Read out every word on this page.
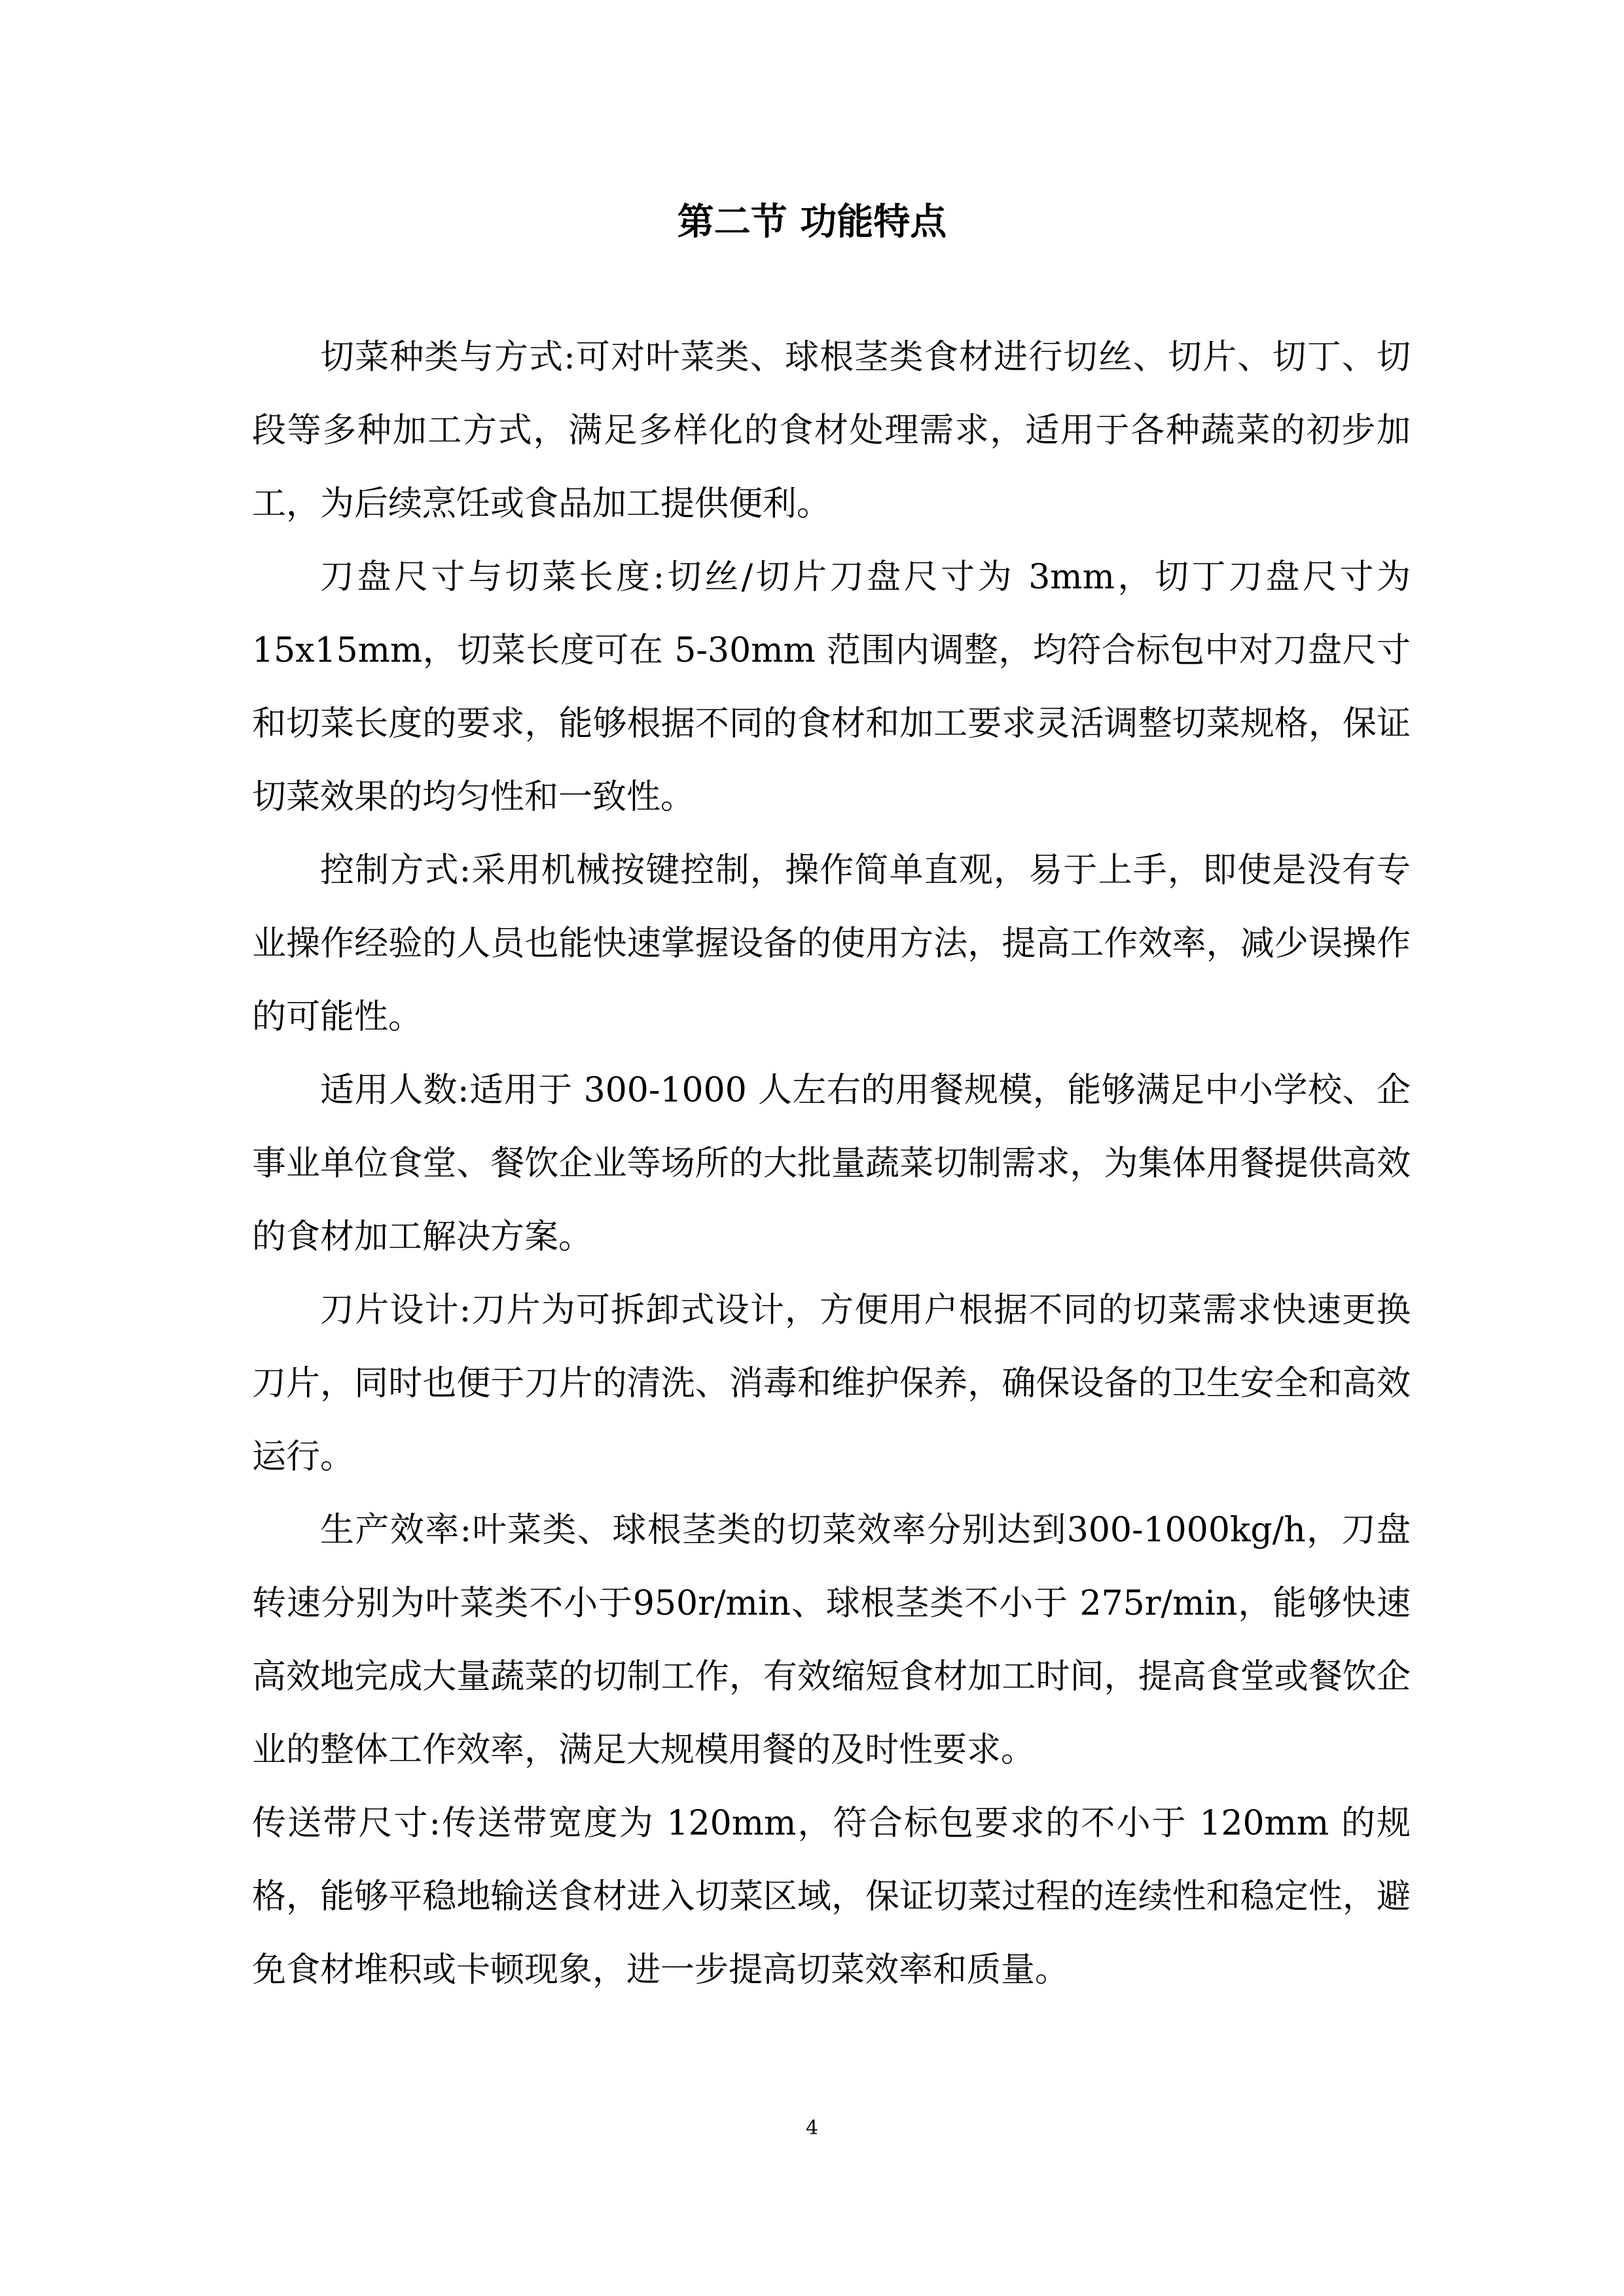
第二节 功能特点

切菜种类与方式:可对叶菜类、球根茎类食材进行切丝、切片、切丁、切段等多种加工方式，满足多样化的食材处理需求，适用于各种蔬菜的初步加工，为后续烹饪或食品加工提供便利。

刀盘尺寸与切菜长度:切丝/切片刀盘尺寸为 3mm，切丁刀盘尺寸为 15x15mm，切菜长度可在 5-30mm 范围内调整，均符合标包中对刀盘尺寸和切菜长度的要求，能够根据不同的食材和加工要求灵活调整切菜规格，保证切菜效果的均匀性和一致性。

控制方式:采用机械按键控制，操作简单直观，易于上手，即使是没有专业操作经验的人员也能快速掌握设备的使用方法，提高工作效率，减少误操作的可能性。

适用人数:适用于 300-1000 人左右的用餐规模，能够满足中小学校、企事业单位食堂、餐饮企业等场所的大批量蔬菜切制需求，为集体用餐提供高效的食材加工解决方案。

刀片设计:刀片为可拆卸式设计，方便用户根据不同的切菜需求快速更换刀片，同时也便于刀片的清洗、消毒和维护保养，确保设备的卫生安全和高效运行。

生产效率:叶菜类、球根茎类的切菜效率分别达到300-1000kg/h，刀盘转速分别为叶菜类不小于950r/min、球根茎类不小于 275r/min，能够快速高效地完成大量蔬菜的切制工作，有效缩短食材加工时间，提高食堂或餐饮企业的整体工作效率，满足大规模用餐的及时性要求。

传送带尺寸:传送带宽度为 120mm，符合标包要求的不小于 120mm 的规格，能够平稳地输送食材进入切菜区域，保证切菜过程的连续性和稳定性，避免食材堆积或卡顿现象，进一步提高切菜效率和质量。

4
